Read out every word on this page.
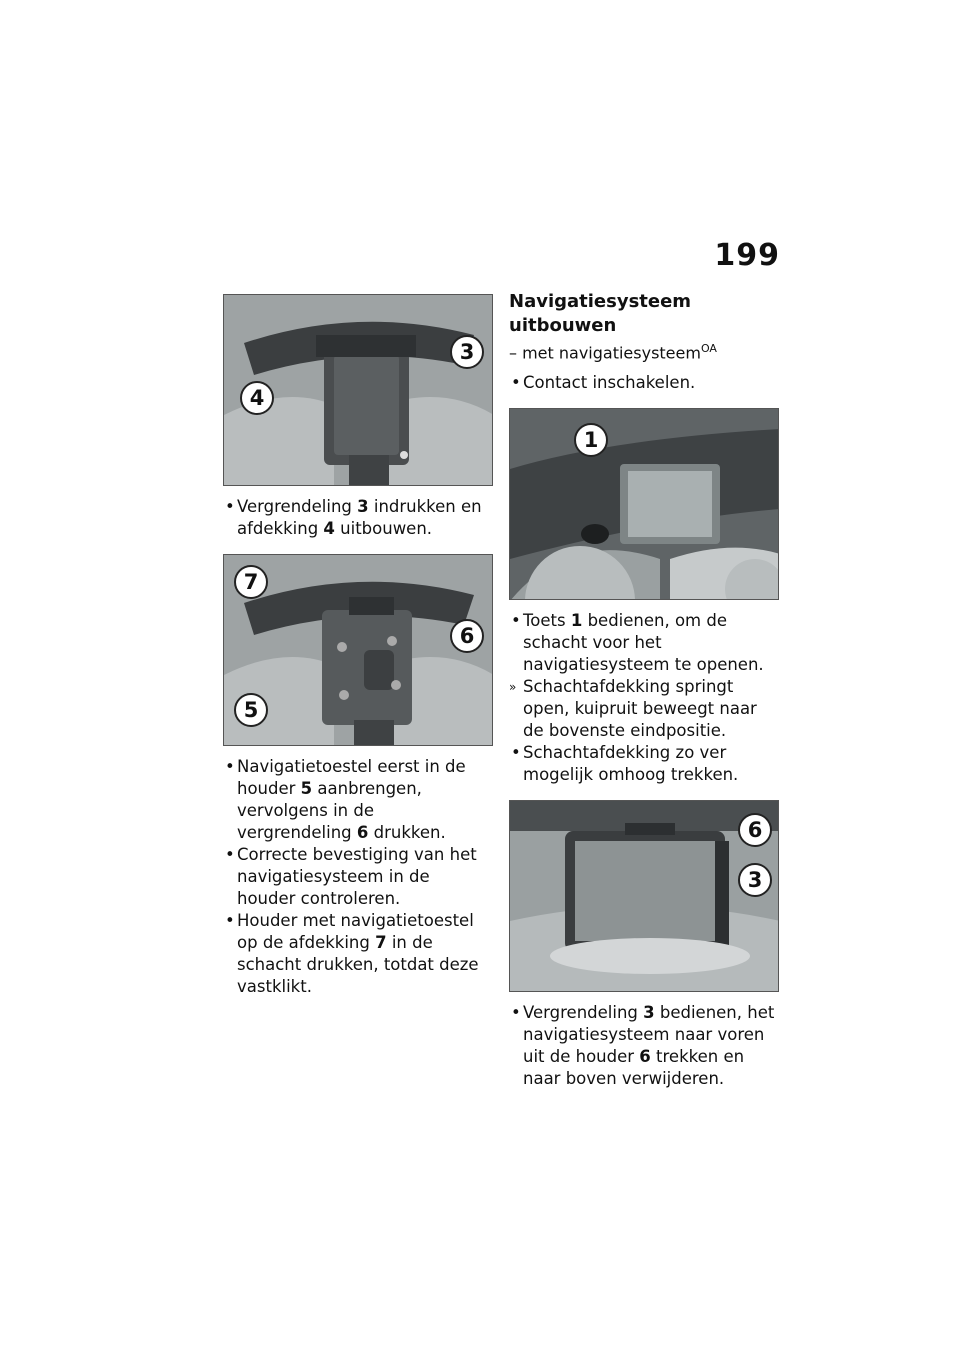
199
3
4
• Vergrendeling 3 indrukken en afdekking 4 uitbouwen.
7
6
5
• Navigatietoestel eerst in de houder 5 aanbrengen, vervolgens in de vergrendeling 6 drukken.
• Correcte bevestiging van het navigatiesysteem in de houder controleren.
• Houder met navigatietoestel op de afdekking 7 in de schacht drukken, totdat deze vastklikt.
Navigatiesysteem uitbouwen

– met navigatiesysteem$^{OA}$

• Contact inschakelen.
1
• Toets 1 bedienen, om de schacht voor het navigatiesysteem te openen.
» Schachtafdekking springt open, kuipruit beweegt naar de bovenste eindpositie.
• Schachtafdekking zo ver mogelijk omhoog trekken.
6
3
• Vergrendeling 3 bedienen, het navigatiesysteem naar voren uit de houder 6 trekken en naar boven verwijderen.
